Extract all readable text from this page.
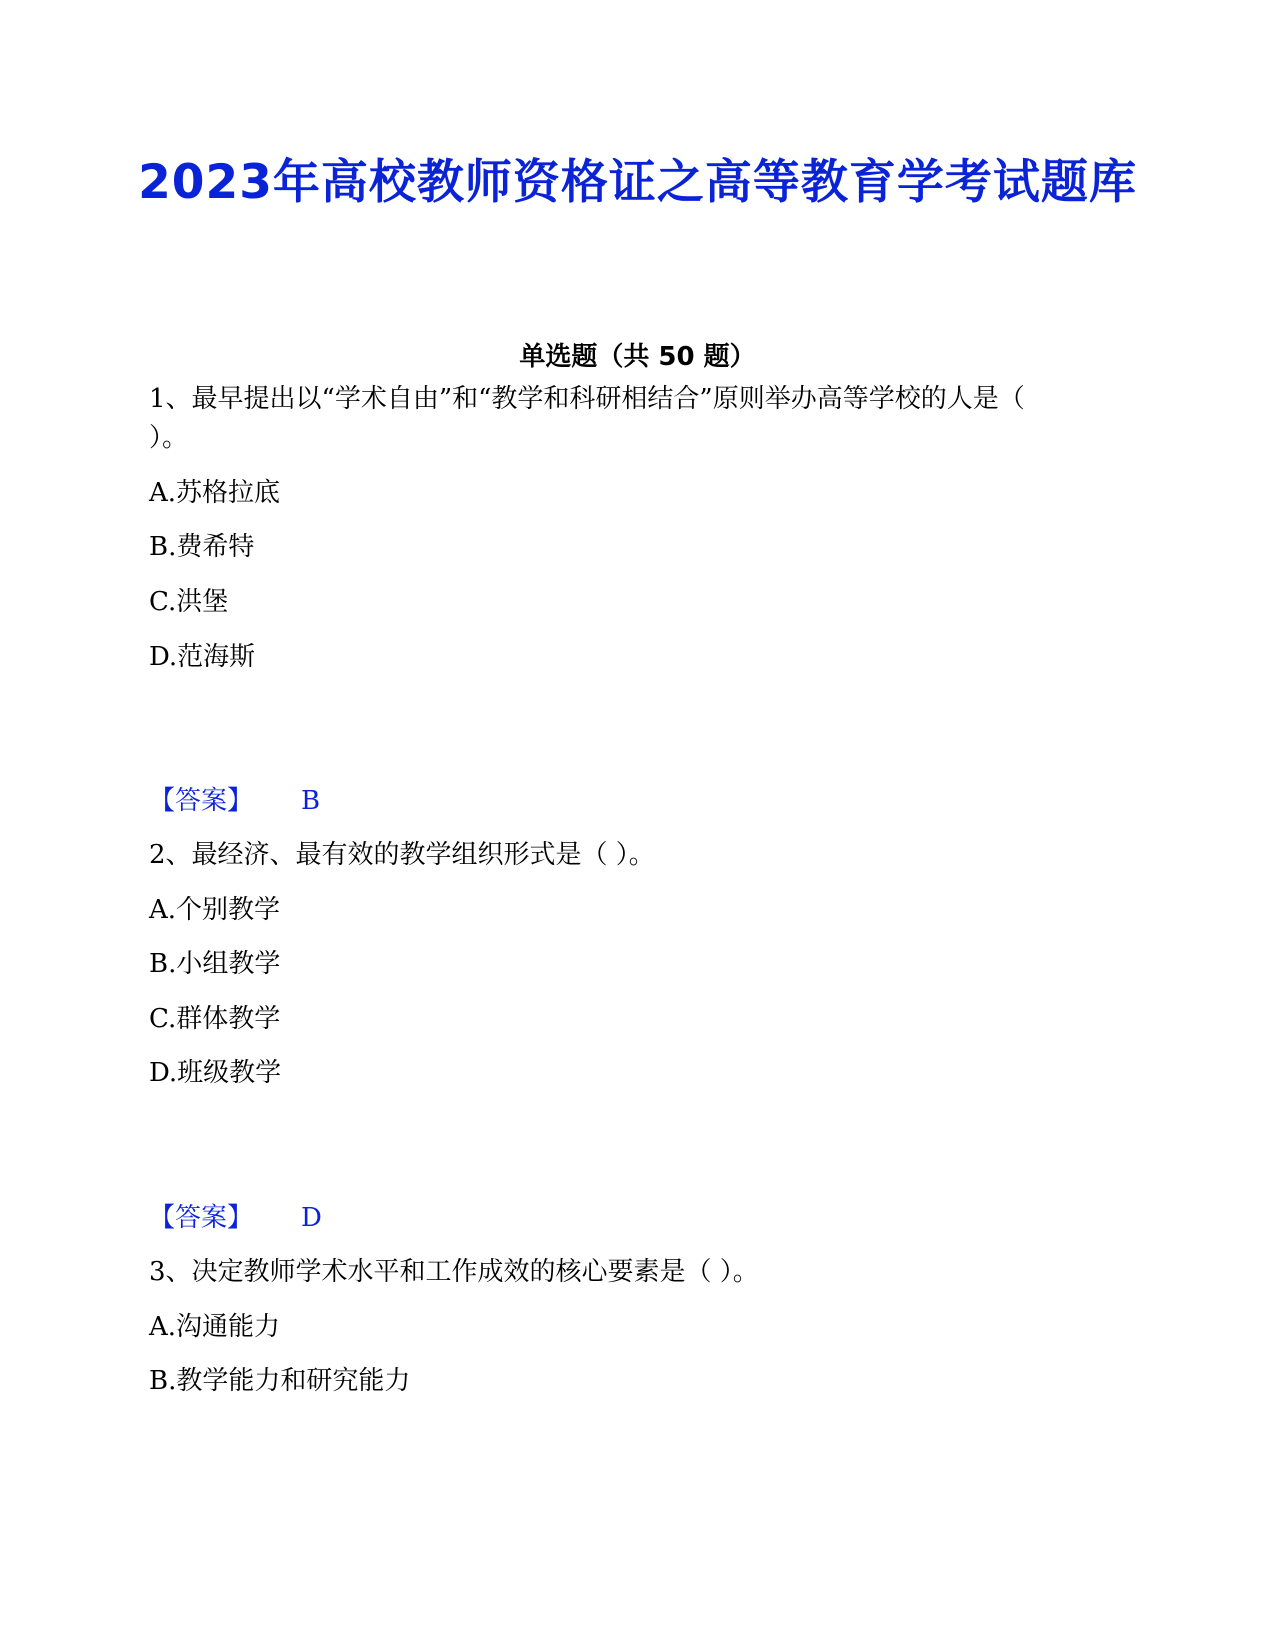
2023年高校教师资格证之高等教育学考试题库
单选题（共 50 题）
1、最早提出以“学术自由”和“教学和科研相结合”原则举办高等学校的人是（
）。
A.苏格拉底
B.费希特
C.洪堡
D.范海斯
【答案】 B
2、最经济、最有效的教学组织形式是（ ）。
A.个别教学
B.小组教学
C.群体教学
D.班级教学
【答案】 D
3、决定教师学术水平和工作成效的核心要素是（ ）。
A.沟通能力
B.教学能力和研究能力
